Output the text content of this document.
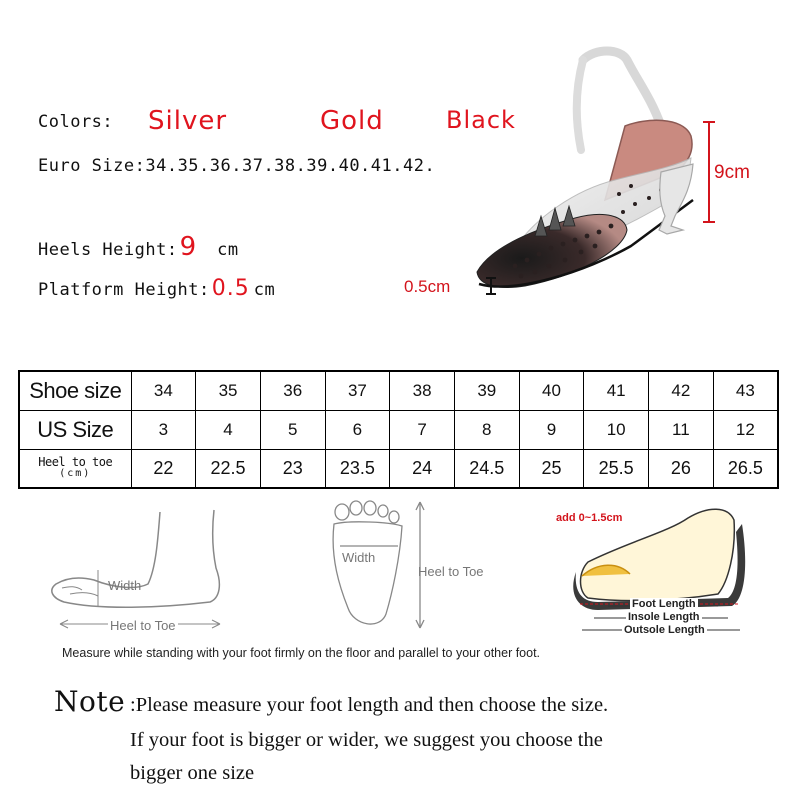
Colors: Silver	Gold	Black
Euro Size:34.35.36.37.38.39.40.41.42.
Heels Height:9 cm
Platform Height:0.5 cm
9cm
0.5cm
Shoe size	34	35	36	37	38	39	40	41	42	43
US Size	3	4	5	6	7	8	9	10	11	12

Heel to toe
(cm)	22	22.5	23	23.5	24	24.5	25	25.5	26	26.5
Width
Heel to Toe
Width
Heel to Toe
add 0~1.5cm
Foot Length
Insole Length
Outsole Length
Measure while standing with your foot firmly on the floor and parallel to your other foot.
Note :Please measure your foot length and then choose the size.
If your foot is bigger or wider, we suggest you choose the
bigger one size
